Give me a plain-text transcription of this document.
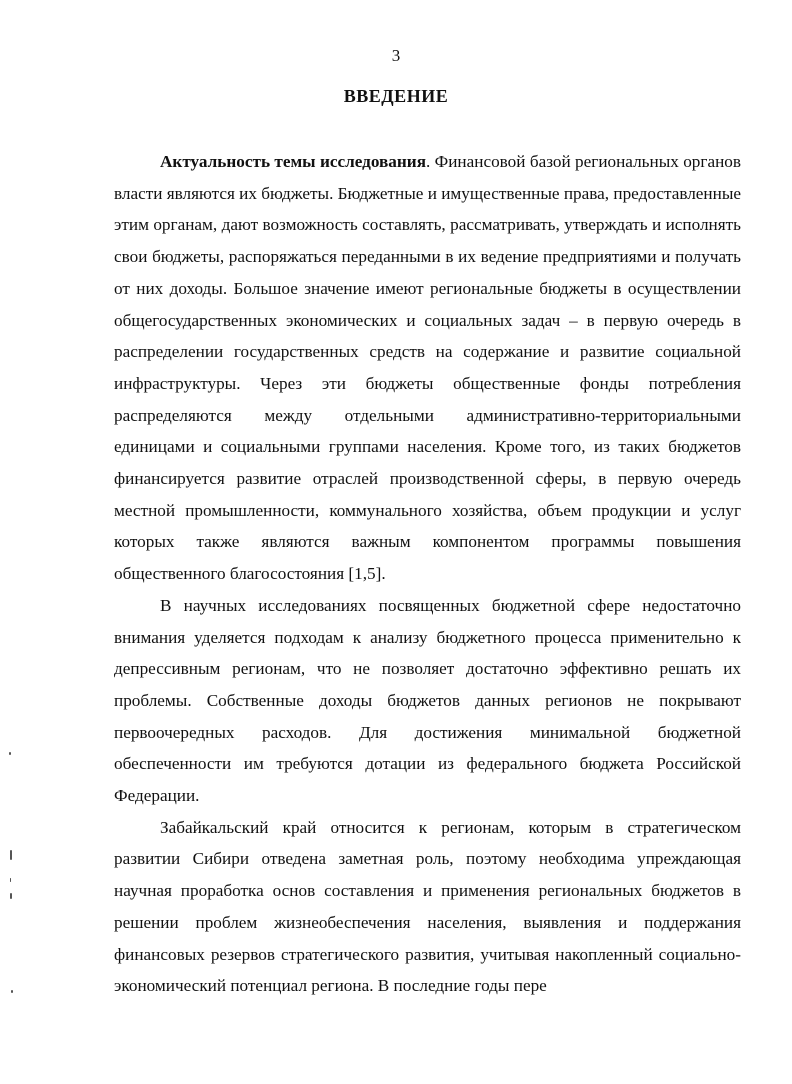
3
ВВЕДЕНИЕ

Актуальность темы исследования. Финансовой базой региональных органов власти являются их бюджеты. Бюджетные и имущественные права, предоставленные этим органам, дают возможность составлять, рассматривать, утверждать и исполнять свои бюджеты, распоряжаться переданными в их ведение предприятиями и получать от них доходы. Большое значение имеют региональные бюджеты в осуществлении общегосударственных экономических и социальных задач – в первую очередь в распределении государственных средств на содержание и развитие социальной инфраструктуры. Через эти бюджеты общественные фонды потребления распределяются между отдельными административно-территориальными единицами и социальными группами населения. Кроме того, из таких бюджетов финансируется развитие отраслей производственной сферы, в первую очередь местной промышленности, коммунального хозяйства, объем продукции и услуг которых также являются важным компонентом программы повышения общественного благосостояния [1,5].

В научных исследованиях посвященных бюджетной сфере недостаточно внимания уделяется подходам к анализу бюджетного процесса применительно к депрессивным регионам, что не позволяет достаточно эффективно решать их проблемы. Собственные доходы бюджетов данных регионов не покрывают первоочередных расходов. Для достижения минимальной бюджетной обеспеченности им требуются дотации из федерального бюджета Российской Федерации.

Забайкальский край относится к регионам, которым в стратегическом развитии Сибири отведена заметная роль, поэтому необходима упреждающая научная проработка основ составления и применения региональных бюджетов в решении проблем жизнеобеспечения населения, выявления и поддержания финансовых резервов стратегического развития, учитывая накопленный социально-экономический потенциал региона. В последние годы пере
